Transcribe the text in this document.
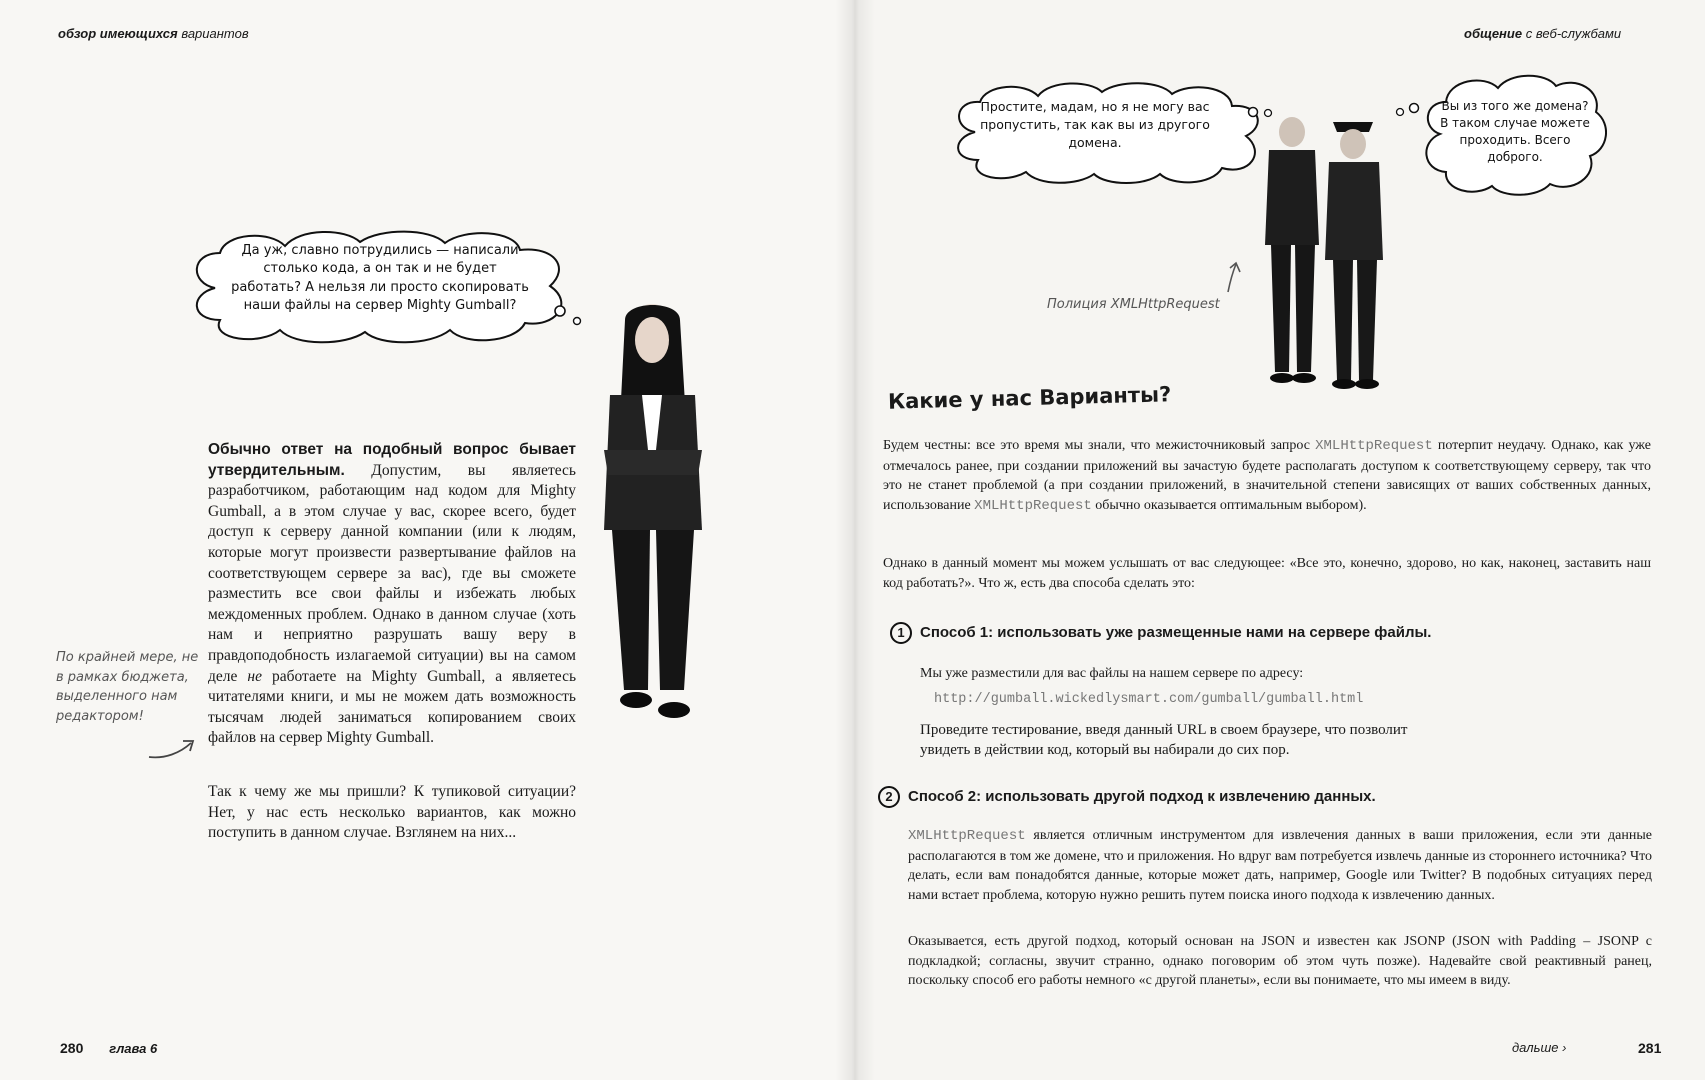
обзор имеющихся вариантов
Да уж, славно потрудились — написали столько кода, а он так и не будет работать? А нельзя ли просто скопировать наши файлы на сервер Mighty Gumball?
Обычно ответ на подобный вопрос бывает утвердительным. Допустим, вы являетесь разработчиком, работающим над кодом для Mighty Gumball, а в этом случае у вас, скорее всего, будет доступ к серверу данной компании (или к людям, которые могут произвести развертывание файлов на соответствующем сервере за вас), где вы сможете разместить все свои файлы и избежать любых междоменных проблем. Однако в данном случае (хоть нам и неприятно разрушать вашу веру в правдоподобность излагаемой ситуации) вы на самом деле не работаете на Mighty Gumball, а являетесь читателями книги, и мы не можем дать возможность тысячам людей заниматься копированием своих файлов на сервер Mighty Gumball.
Так к чему же мы пришли? К тупиковой ситуации? Нет, у нас есть несколько вариантов, как можно поступить в данном случае. Взглянем на них...
По крайней мере, не в рамках бюджета, выделенного нам редактором!
280 глава 6
общение с веб-службами
Простите, мадам, но я не могу вас пропустить, так как вы из другого домена.
Вы из того же домена? В таком случае можете проходить. Всего доброго.
Полиция XMLHttpRequest
Какие у нас Варианты?
Будем честны: все это время мы знали, что межисточниковый запрос XMLHttpRequest потерпит неудачу. Однако, как уже отмечалось ранее, при создании приложений вы зачастую будете располагать доступом к соответствующему серверу, так что это не станет проблемой (а при создании приложений, в значительной степени зависящих от ваших собственных данных, использование XMLHttpRequest обычно оказывается оптимальным выбором).
Однако в данный момент мы можем услышать от вас следующее: «Все это, конечно, здорово, но как, наконец, заставить наш код работать?». Что ж, есть два способа сделать это:
1 Способ 1: использовать уже размещенные нами на сервере файлы.
Мы уже разместили для вас файлы на нашем сервере по адресу:
http://gumball.wickedlysmart.com/gumball/gumball.html
Проведите тестирование, введя данный URL в своем браузере, что позволит увидеть в действии код, который вы набирали до сих пор.
2 Способ 2: использовать другой подход к извлечению данных.
XMLHttpRequest является отличным инструментом для извлечения данных в ваши приложения, если эти данные располагаются в том же домене, что и приложения. Но вдруг вам потребуется извлечь данные из стороннего источника? Что делать, если вам понадобятся данные, которые может дать, например, Google или Twitter? В подобных ситуациях перед нами встает проблема, которую нужно решить путем поиска иного подхода к извлечению данных.
Оказывается, есть другой подход, который основан на JSON и известен как JSONP (JSON with Padding – JSONP с подкладкой; согласны, звучит странно, однако поговорим об этом чуть позже). Надевайте свой реактивный ранец, поскольку способ его работы немного «с другой планеты», если вы понимаете, что мы имеем в виду.
дальше ›	281
